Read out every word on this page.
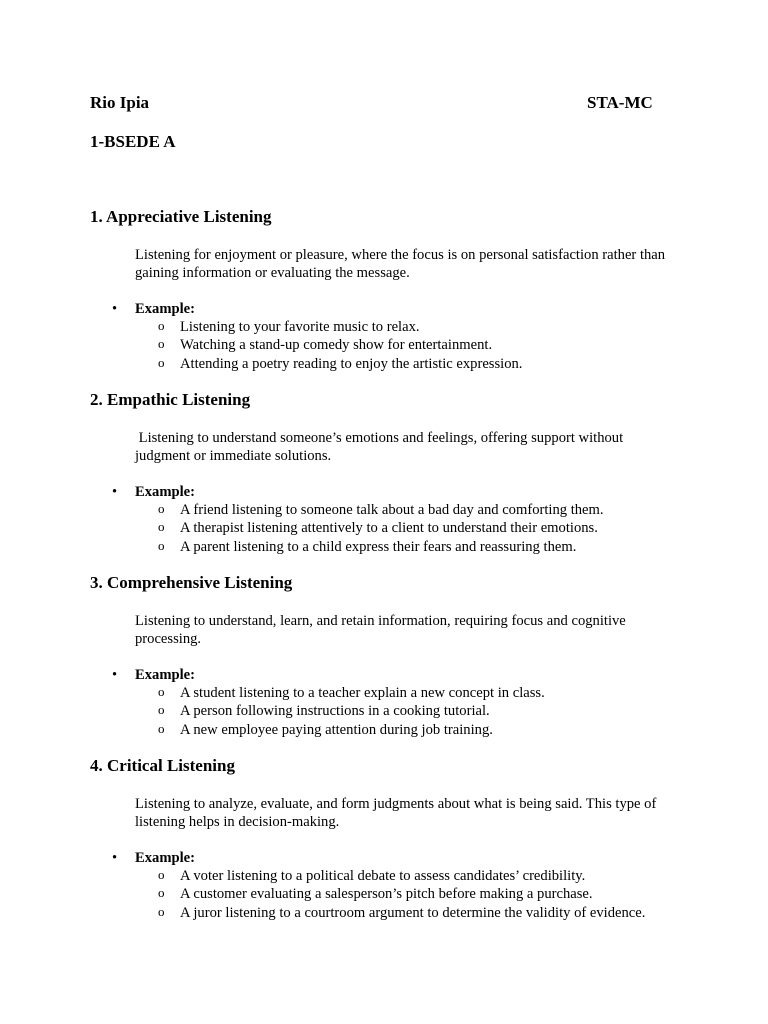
Rio Ipia	STA-MC
1-BSEDE A
1. Appreciative Listening

Listening for enjoyment or pleasure, where the focus is on personal satisfaction rather than gaining information or evaluating the message.

• Example:

o Listening to your favorite music to relax.
o Watching a stand-up comedy show for entertainment.
o Attending a poetry reading to enjoy the artistic expression.
2. Empathic Listening

Listening to understand someone’s emotions and feelings, offering support without judgment or immediate solutions.

• Example:

o A friend listening to someone talk about a bad day and comforting them.
o A therapist listening attentively to a client to understand their emotions.
o A parent listening to a child express their fears and reassuring them.
3. Comprehensive Listening

Listening to understand, learn, and retain information, requiring focus and cognitive processing.

• Example:

o A student listening to a teacher explain a new concept in class.
o A person following instructions in a cooking tutorial.
o A new employee paying attention during job training.
4. Critical Listening

Listening to analyze, evaluate, and form judgments about what is being said. This type of listening helps in decision-making.

• Example:

o A voter listening to a political debate to assess candidates’ credibility.
o A customer evaluating a salesperson’s pitch before making a purchase.
o A juror listening to a courtroom argument to determine the validity of evidence.
